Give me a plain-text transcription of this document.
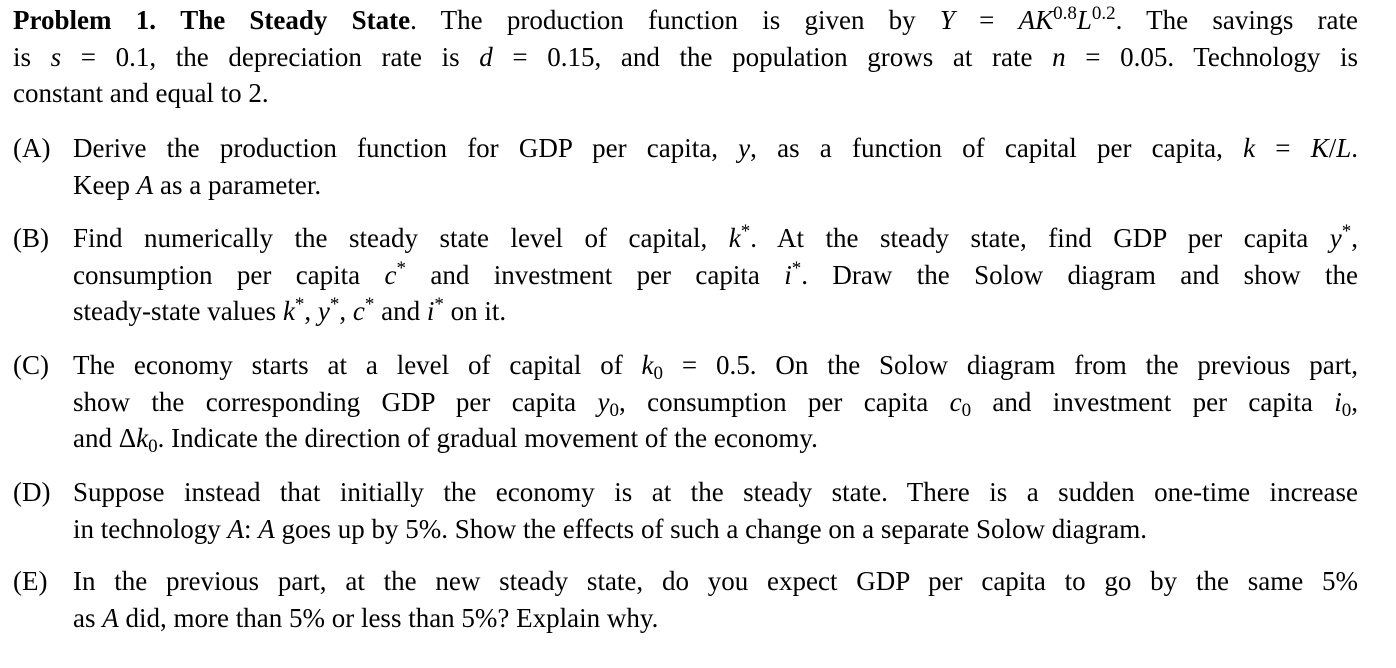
Problem 1. The Steady State. The production function is given by $Y = AK^{0.8}L^{0.2}$. The savings rate
is s = 0.1, the depreciation rate is d = 0.15, and the population grows at rate n = 0.05. Technology is
constant and equal to 2.
(A) Derive the production function for GDP per capita, y, as a function of capital per capita, k = K/L.
Keep A as a parameter.
(B) Find numerically the steady state level of capital, k*. At the steady state, find GDP per capita y*,
consumption per capita c* and investment per capita i*. Draw the Solow diagram and show the
steady-state values k*, y*, c* and i* on it.
(C) The economy starts at a level of capital of $k_0 = 0.5$. On the Solow diagram from the previous part,
show the corresponding GDP per capita $y_0$, consumption per capita $c_0$ and investment per capita $i_0$,
and $\Delta k_0$. Indicate the direction of gradual movement of the economy.
(D) Suppose instead that initially the economy is at the steady state. There is a sudden one-time increase
in technology A: A goes up by 5%. Show the effects of such a change on a separate Solow diagram.
(E) In the previous part, at the new steady state, do you expect GDP per capita to go by the same 5%
as A did, more than 5% or less than 5%? Explain why.
